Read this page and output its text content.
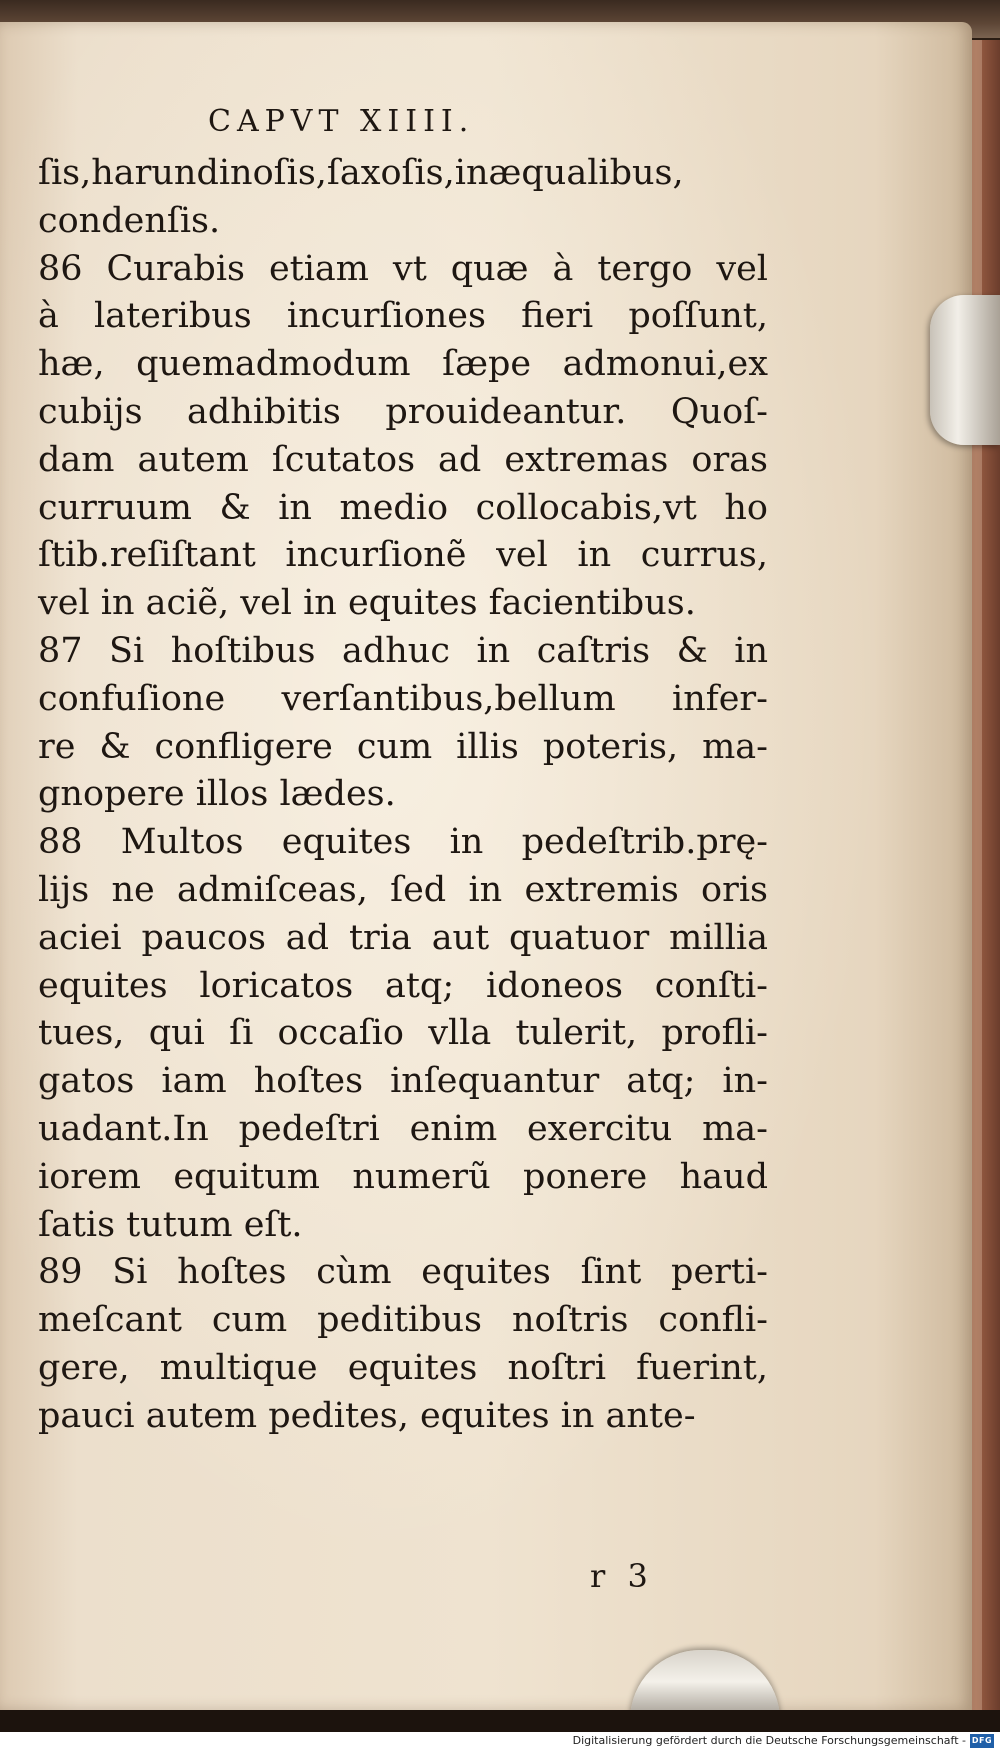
CAPVT XIIII.
ſis,harundinoſis,ſaxoſis,inæqualibus,
condenſis.
86 Curabis etiam vt quæ à tergo vel
à lateribus incurſiones fieri poſſunt,
hæ, quemadmodum ſæpe admonui,ex
cubijs adhibitis prouideantur. Quoſ-
dam autem ſcutatos ad extremas oras
curruum & in medio collocabis,vt ho
ſtib.reſiſtant incurſionẽ vel in currus,
vel in aciẽ, vel in equites facientibus.
87 Si hoſtibus adhuc in caſtris & in
confuſione verſantibus,bellum infer-
re & confligere cum illis poteris, ma-
gnopere illos lædes.
88 Multos equites in pedeſtrib.prę-
lijs ne admiſceas, ſed in extremis oris
aciei paucos ad tria aut quatuor millia
equites loricatos atq; idoneos conſti-
tues, qui ſi occaſio vlla tulerit, profli-
gatos iam hoſtes inſequantur atq; in-
uadant.In pedeſtri enim exercitu ma-
iorem equitum numerũ ponere haud
ſatis tutum eſt.
89 Si hoſtes cùm equites ſint perti-
meſcant cum peditibus noſtris confli-
gere, multique equites noſtri fuerint,
pauci autem pedites, equites in ante-
r 3
Digitalisierung gefördert durch die Deutsche Forschungsgemeinschaft - DFG
